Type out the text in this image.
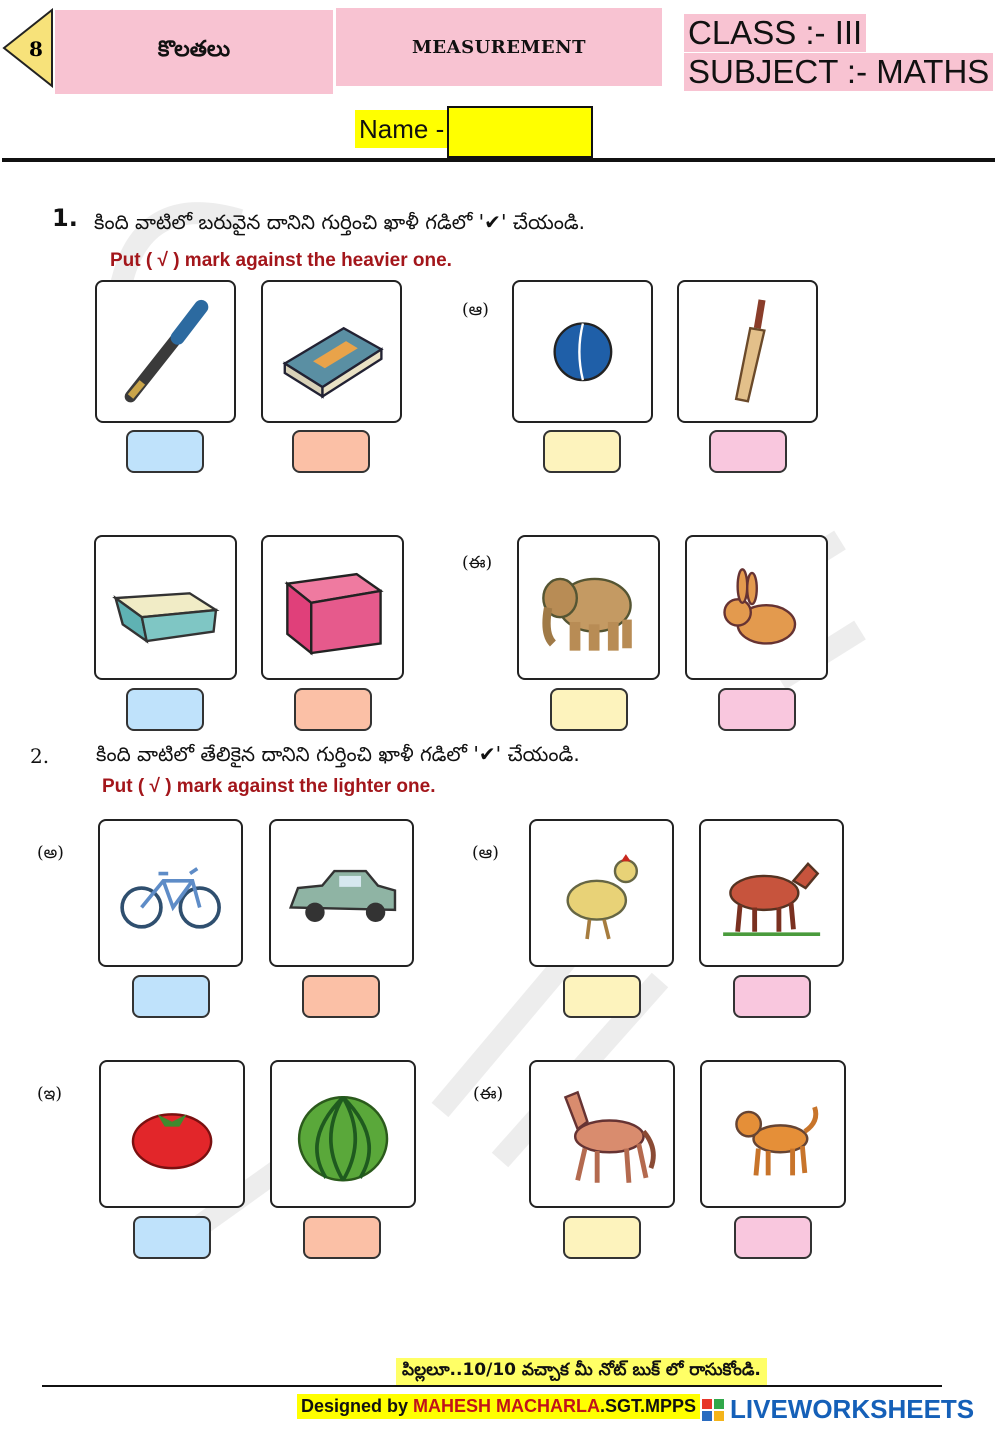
8	కొలతలు	MEASUREMENT	CLASS :- III
SUBJECT :- MATHS
Name -
1. కింది వాటిలో బరువైన దానిని గుర్తించి ఖాళీ గడిలో '✔' చేయండి.
Put ( √ ) mark against the heavier one.
(ఆ)
(ఈ)
2. కింది వాటిలో తేలికైన దానిని గుర్తించి ఖాళీ గడిలో '✔' చేయండి.
Put ( √ ) mark against the lighter one.
(అ)	(ఆ)
(ఇ)	(ఈ)
పిల్లలూ..10/10 వచ్చాక మీ నోట్ బుక్ లో రాసుకోండి.
Designed by MAHESH MACHARLA.SGT.MPPS LIVEWORKSHEETS
